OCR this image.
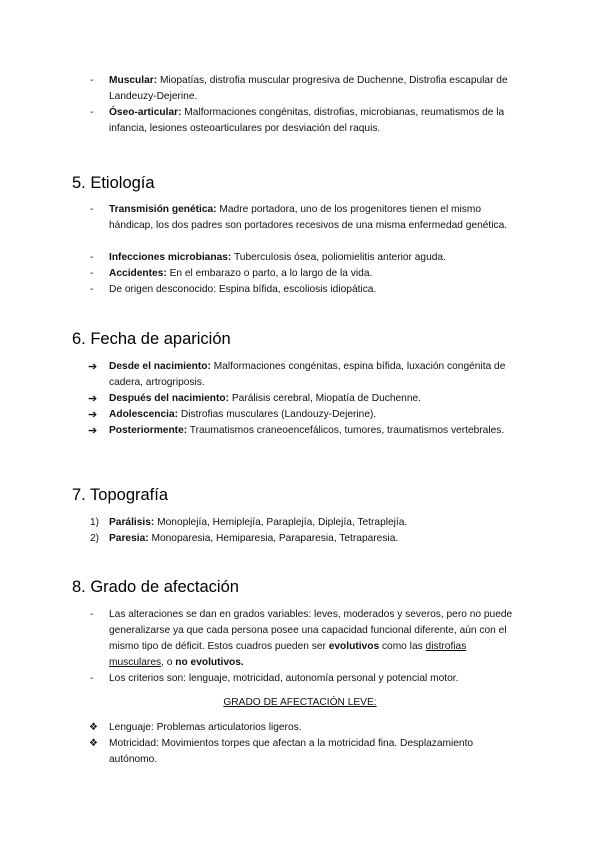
-	Muscular: Miopatías, distrofia muscular progresiva de Duchenne, Distrofia escapular de Landeuzy-Dejerine.
-	Óseo-articular: Malformaciones congénitas, distrofias, microbianas, reumatismos de la infancia, lesiones osteoarticulares por desviación del raquis.
5. Etiología
-	Transmisión genética: Madre portadora, uno de los progenitores tienen el mismo hándicap, los dos padres son portadores recesivos de una misma enfermedad genética.
-	Infecciones microbianas: Tuberculosis ósea, poliomielitis anterior aguda.
-	Accidentes: En el embarazo o parto, a lo largo de la vida.
-	De origen desconocido: Espina bífida, escoliosis idiopática.
6. Fecha de aparición
➔	Desde el nacimiento: Malformaciones congénitas, espina bífida, luxación congénita de cadera, artrogriposis.
➔	Después del nacimiento: Parálisis cerebral, Miopatía de Duchenne.
➔	Adolescencia: Distrofias musculares (Landouzy-Dejerine).
➔	Posteriormente: Traumatismos craneoencefálicos, tumores, traumatismos vertebrales.
7. Topografía
1) Parálisis: Monoplejía, Hemiplejía, Paraplejía, Diplejía, Tetraplejía.
2) Paresia: Monoparesia, Hemiparesia, Paraparesia, Tetraparesia.
8. Grado de afectación
-	Las alteraciones se dan en grados variables: leves, moderados y severos, pero no puede generalizarse ya que cada persona posee una capacidad funcional diferente, aún con el mismo tipo de déficit. Estos cuadros pueden ser evolutivos como las distrofias musculares, o no evolutivos.
-	Los criterios son: lenguaje, motricidad, autonomía personal y potencial motor.
GRADO DE AFECTACIÓN LEVE:
❖	Lenguaje: Problemas articulatorios ligeros.
❖	Motricidad: Movimientos torpes que afectan a la motricidad fina. Desplazamiento autónomo.
